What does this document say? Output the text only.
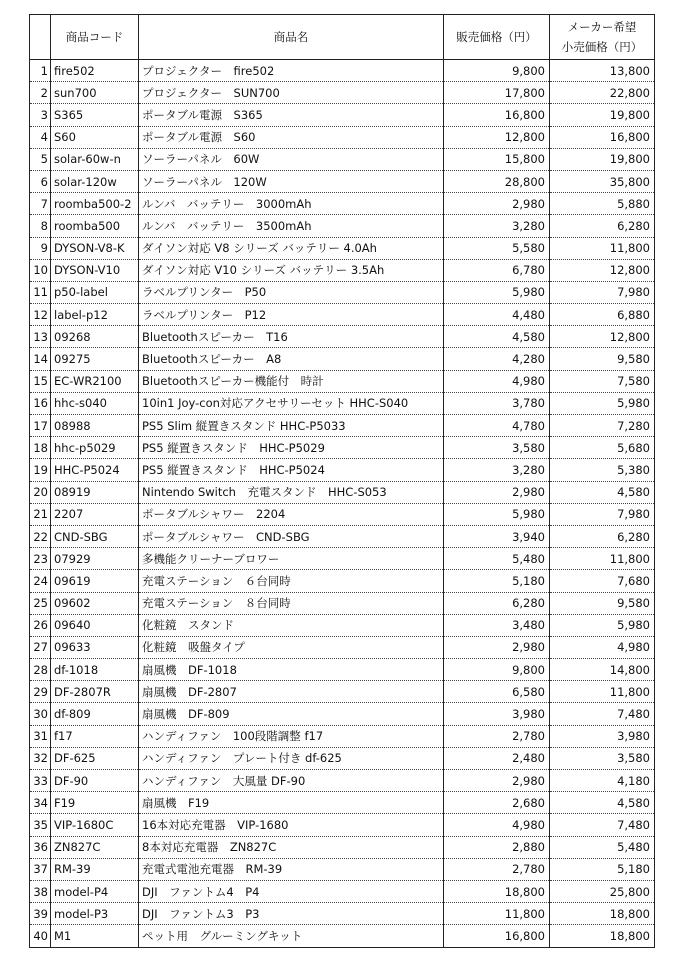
	商品コード	商品名	販売価格（円）	メーカー希望
小売価格（円）

1	fire502	プロジェクター　fire502	9,800	13,800
2	sun700	プロジェクター　SUN700	17,800	22,800
3	S365	ポータブル電源　S365	16,800	19,800
4	S60	ポータブル電源　S60	12,800	16,800
5	solar-60w-n	ソーラーパネル　60W	15,800	19,800
6	solar-120w	ソーラーパネル　120W	28,800	35,800
7	roomba500-2	ルンバ　バッテリー　3000mAh	2,980	5,880
8	roomba500	ルンバ　バッテリー　3500mAh	3,280	6,280
9	DYSON-V8-K	ダイソン対応 V8 シリーズ バッテリー 4.0Ah	5,580	11,800
10	DYSON-V10	ダイソン対応 V10 シリーズ バッテリー 3.5Ah	6,780	12,800
11	p50-label	ラベルプリンター　P50	5,980	7,980
12	label-p12	ラベルプリンター　P12	4,480	6,880
13	09268	Bluetoothスピーカー　T16	4,580	12,800
14	09275	Bluetoothスピーカー　A8	4,280	9,580
15	EC-WR2100	Bluetoothスピーカー機能付　時計	4,980	7,580
16	hhc-s040	10in1 Joy-con対応アクセサリーセット HHC-S040	3,780	5,980
17	08988	PS5 Slim 縦置きスタンド HHC-P5033	4,780	7,280
18	hhc-p5029	PS5 縦置きスタンド　HHC-P5029	3,580	5,680
19	HHC-P5024	PS5 縦置きスタンド　HHC-P5024	3,280	5,380
20	08919	Nintendo Switch　充電スタンド　HHC-S053	2,980	4,580
21	2207	ポータブルシャワー　2204	5,980	7,980
22	CND-SBG	ポータブルシャワー　CND-SBG	3,940	6,280
23	07929	多機能クリーナーブロワー	5,480	11,800
24	09619	充電ステーション　６台同時	5,180	7,680
25	09602	充電ステーション　８台同時	6,280	9,580
26	09640	化粧鏡　スタンド	3,480	5,980
27	09633	化粧鏡　吸盤タイプ	2,980	4,980
28	df-1018	扇風機　DF-1018	9,800	14,800
29	DF-2807R	扇風機　DF-2807	6,580	11,800
30	df-809	扇風機　DF-809	3,980	7,480
31	f17	ハンディファン　100段階調整 f17	2,780	3,980
32	DF-625	ハンディファン　プレート付き df-625	2,480	3,580
33	DF-90	ハンディファン　大風量 DF-90	2,980	4,180
34	F19	扇風機　F19	2,680	4,580
35	VIP-1680C	16本対応充電器　VIP-1680	4,980	7,480
36	ZN827C	8本対応充電器　ZN827C	2,880	5,480
37	RM-39	充電式電池充電器　RM-39	2,780	5,180
38	model-P4	DJI　ファントム4　P4	18,800	25,800
39	model-P3	DJI　ファントム3　P3	11,800	18,800
40	M1	ペット用　グルーミングキット	16,800	18,800
